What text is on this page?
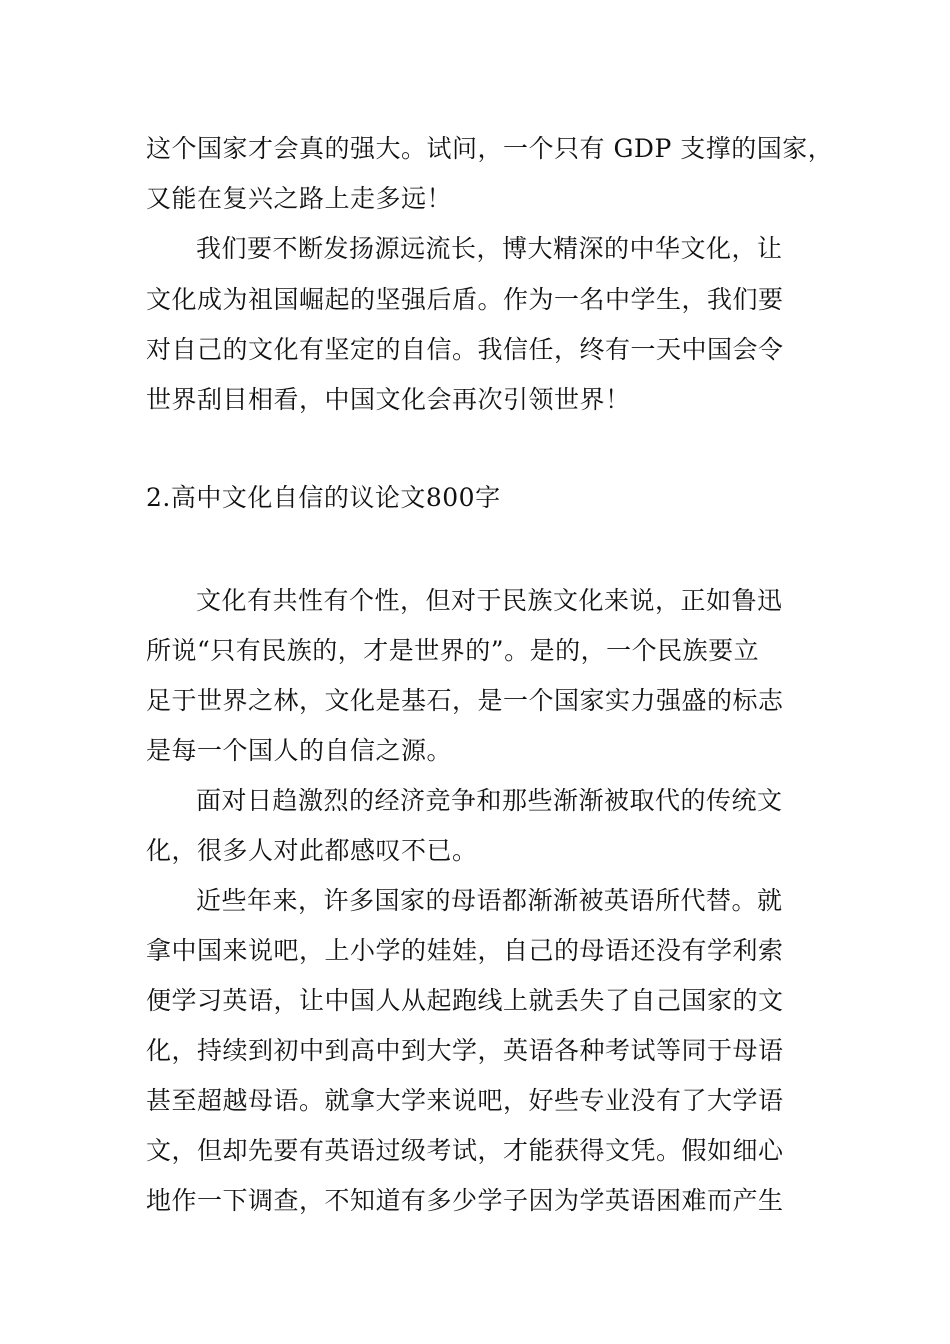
这个国家才会真的强大。试问，一个只有 GDP 支撑的国家，
又能在复兴之路上走多远！
我们要不断发扬源远流长，博大精深的中华文化，让
文化成为祖国崛起的坚强后盾。作为一名中学生，我们要
对自己的文化有坚定的自信。我信任，终有一天中国会令
世界刮目相看，中国文化会再次引领世界！
2.高中文化自信的议论文800字
文化有共性有个性，但对于民族文化来说，正如鲁迅
所说“只有民族的，才是世界的”。是的，一个民族要立
足于世界之林，文化是基石，是一个国家实力强盛的标志
是每一个国人的自信之源。
面对日趋激烈的经济竞争和那些渐渐被取代的传统文
化，很多人对此都感叹不已。
近些年来，许多国家的母语都渐渐被英语所代替。就
拿中国来说吧，上小学的娃娃，自己的母语还没有学利索
便学习英语，让中国人从起跑线上就丢失了自己国家的文
化，持续到初中到高中到大学，英语各种考试等同于母语
甚至超越母语。就拿大学来说吧，好些专业没有了大学语
文，但却先要有英语过级考试，才能获得文凭。假如细心
地作一下调查，不知道有多少学子因为学英语困难而产生
